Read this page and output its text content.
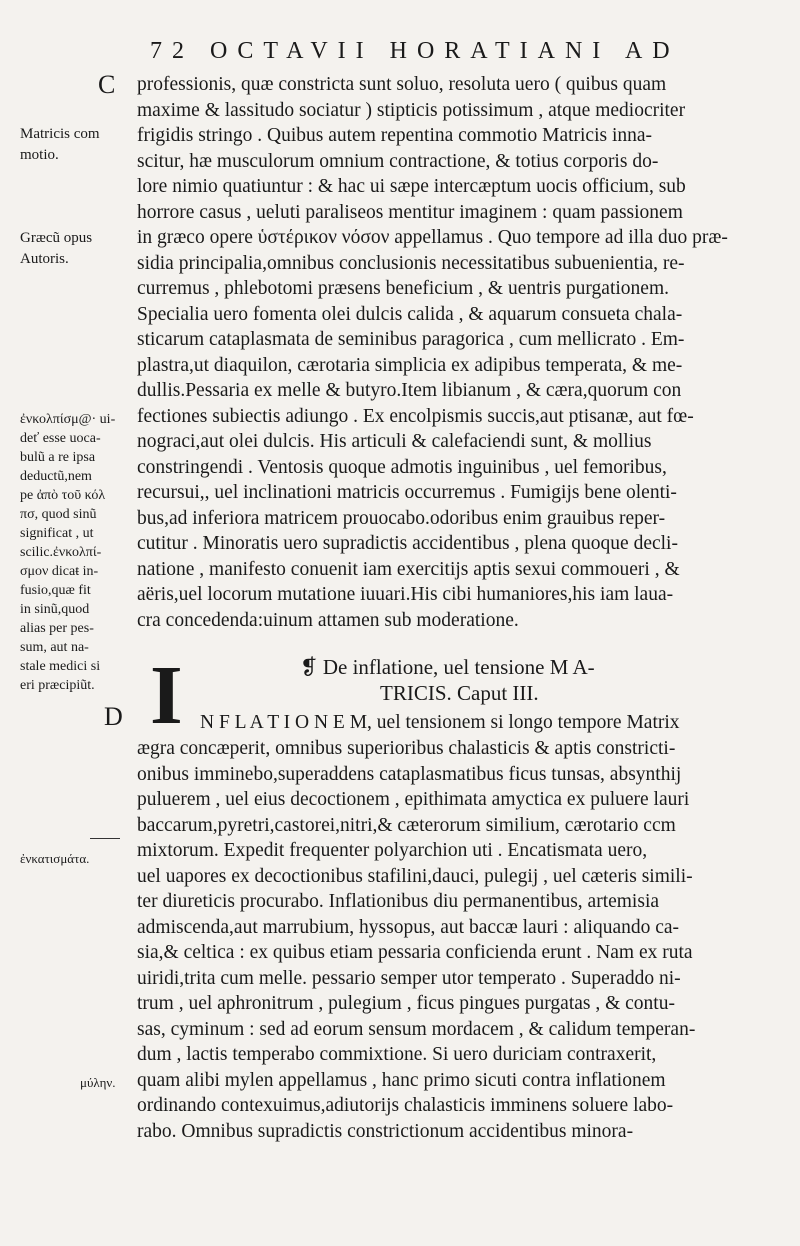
72 OCTAVII HORATIANI AD
C
D
Matricis com
motio.
Græcũ opus
Autoris.
ἐνκολπίσμ@· ui-
deť esse uoca-
bulũ a re ipsa
deductũ,nem
pe ἀπὸ τοῦ κόλ
πσ, quod sinũ
significat , ut
scilic.ἐνκολπί-
σμον dicaŧ in-
fusio,quæ fit
in sinũ,quod
alias per pes-
sum, aut na-
stale medici si
eri præcipiũt.
ἐνκατισμάτα.
μύλην.
professionis, quæ constricta sunt soluo, resoluta uero ( quibus quam
maxime & lassitudo sociatur ) stipticis potissimum , atque mediocriter
frigidis stringo . Quibus autem repentina commotio Matricis inna-
scitur, hæ musculorum omnium contractione, & totius corporis do-
lore nimio quatiuntur : & hac ui sæpe intercæptum uocis officium, sub
horrore casus , ueluti paraliseos mentitur imaginem : quam passionem
in græco opere ὑστέρικον νόσον appellamus . Quo tempore ad illa duo præ-
sidia principalia,omnibus conclusionis necessitatibus subuenientia, re-
curremus , phlebotomi præsens beneficium , & uentris purgationem.
Specialia uero fomenta olei dulcis calida , & aquarum consueta chala-
sticarum cataplasmata de seminibus paragorica , cum mellicrato . Em-
plastra,ut diaquilon, cærotaria simplicia ex adipibus temperata, & me-
dullis.Pessaria ex melle & butyro.Item libianum , & cæra,quorum con
fectiones subiectis adiungo . Ex encolpismis succis,aut ptisanæ, aut fœ-
nograci,aut olei dulcis. His articuli & calefaciendi sunt, & mollius
constringendi . Ventosis quoque admotis inguinibus , uel femoribus,
recursui,, uel inclinationi matricis occurremus . Fumigijs bene olenti-
bus,ad inferiora matricem prouocabo.odoribus enim grauibus reper-
cutitur . Minoratis uero supradictis accidentibus , plena quoque decli-
natione , manifesto conuenit iam exercitijs aptis sexui commoueri , &
aëris,uel locorum mutatione iuuari.His cibi humaniores,his iam laua-
cra concedenda:uinum attamen sub moderatione.
❡ De inflatione, uel tensione M A-
TRICIS. Caput III.
I N F L A T I O N E M, uel tensionem si longo tempore Matrix
ægra concæperit, omnibus superioribus chalasticis & aptis constricti-
onibus imminebo,superaddens cataplasmatibus ficus tunsas, absynthij
puluerem , uel eius decoctionem , epithimata amyctica ex puluere lauri
baccarum,pyretri,castorei,nitri,& cæterorum similium, cærotario ccm
mixtorum. Expedit frequenter polyarchion uti . Encatismata uero,
uel uapores ex decoctionibus stafilini,dauci, pulegij , uel cæteris simili-
ter diureticis procurabo. Inflationibus diu permanentibus, artemisia
admiscenda,aut marrubium, hyssopus, aut baccæ lauri : aliquando ca-
sia,& celtica : ex quibus etiam pessaria conficienda erunt . Nam ex ruta
uiridi,trita cum melle. pessario semper utor temperato . Superaddo ni-
trum , uel aphronitrum , pulegium , ficus pingues purgatas , & contu-
sas, cyminum : sed ad eorum sensum mordacem , & calidum temperan-
dum , lactis temperabo commixtione. Si uero duriciam contraxerit,
quam alibi mylen appellamus , hanc primo sicuti contra inflationem
ordinando contexuimus,adiutorijs chalasticis imminens soluere labo-
rabo. Omnibus supradictis constrictionum accidentibus minora-
